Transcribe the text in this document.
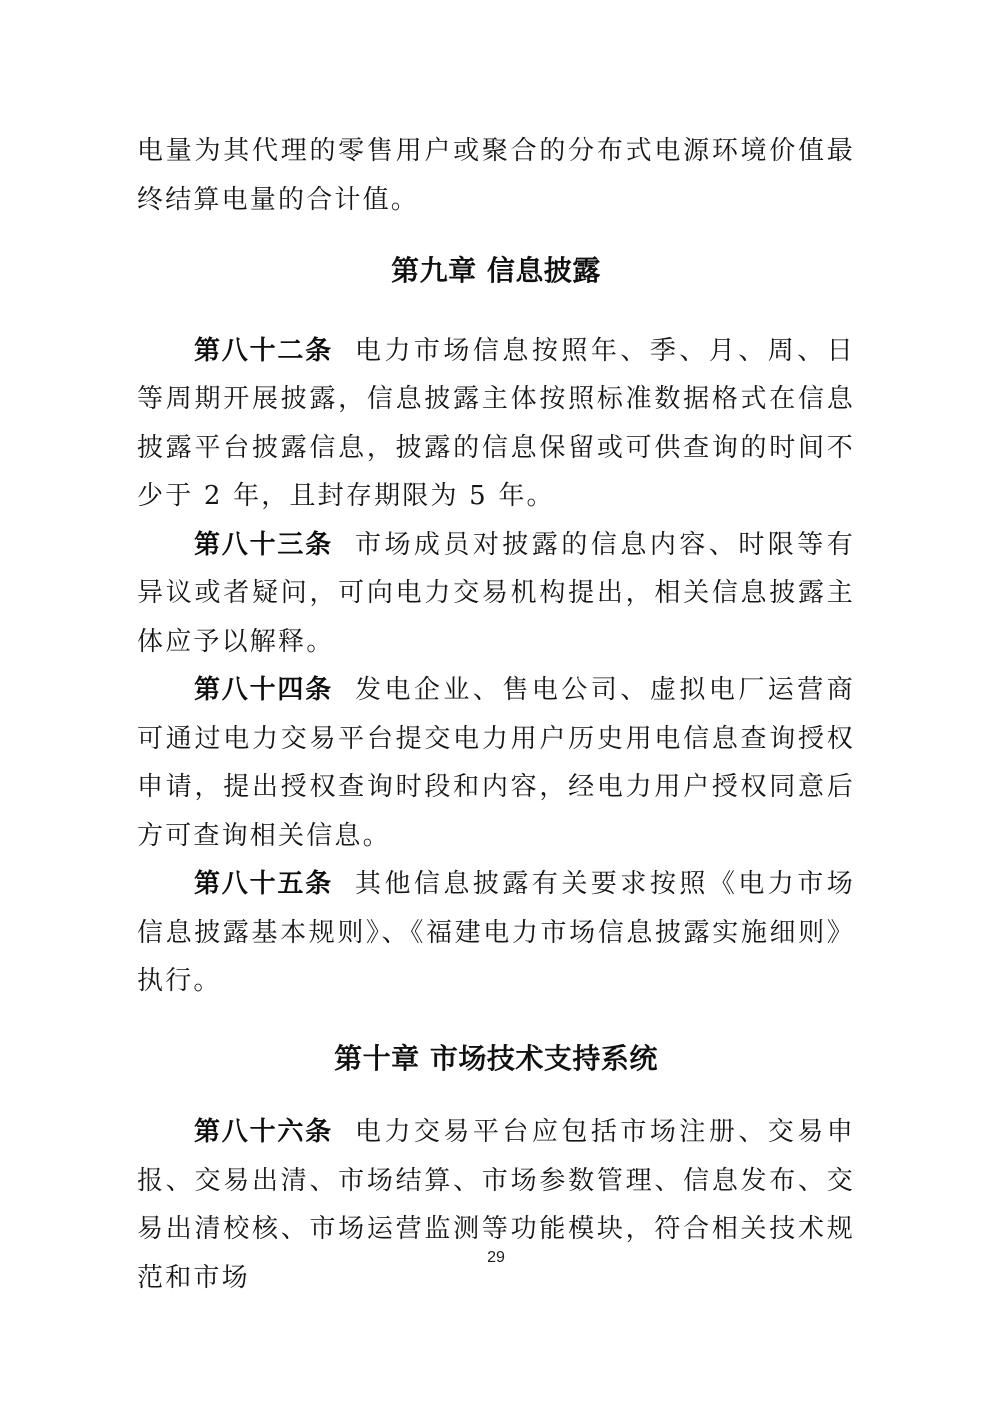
电量为其代理的零售用户或聚合的分布式电源环境价值最终结算电量的合计值。

第九章 信息披露

第八十二条 电力市场信息按照年、季、月、周、日等周期开展披露，信息披露主体按照标准数据格式在信息披露平台披露信息，披露的信息保留或可供查询的时间不少于 2 年，且封存期限为 5 年。

第八十三条 市场成员对披露的信息内容、时限等有异议或者疑问，可向电力交易机构提出，相关信息披露主体应予以解释。

第八十四条 发电企业、售电公司、虚拟电厂运营商可通过电力交易平台提交电力用户历史用电信息查询授权申请，提出授权查询时段和内容，经电力用户授权同意后方可查询相关信息。

第八十五条 其他信息披露有关要求按照《电力市场信息披露基本规则》、《福建电力市场信息披露实施细则》执行。

第十章 市场技术支持系统

第八十六条 电力交易平台应包括市场注册、交易申报、交易出清、市场结算、市场参数管理、信息发布、交易出清校核、市场运营监测等功能模块，符合相关技术规范和市场

29
